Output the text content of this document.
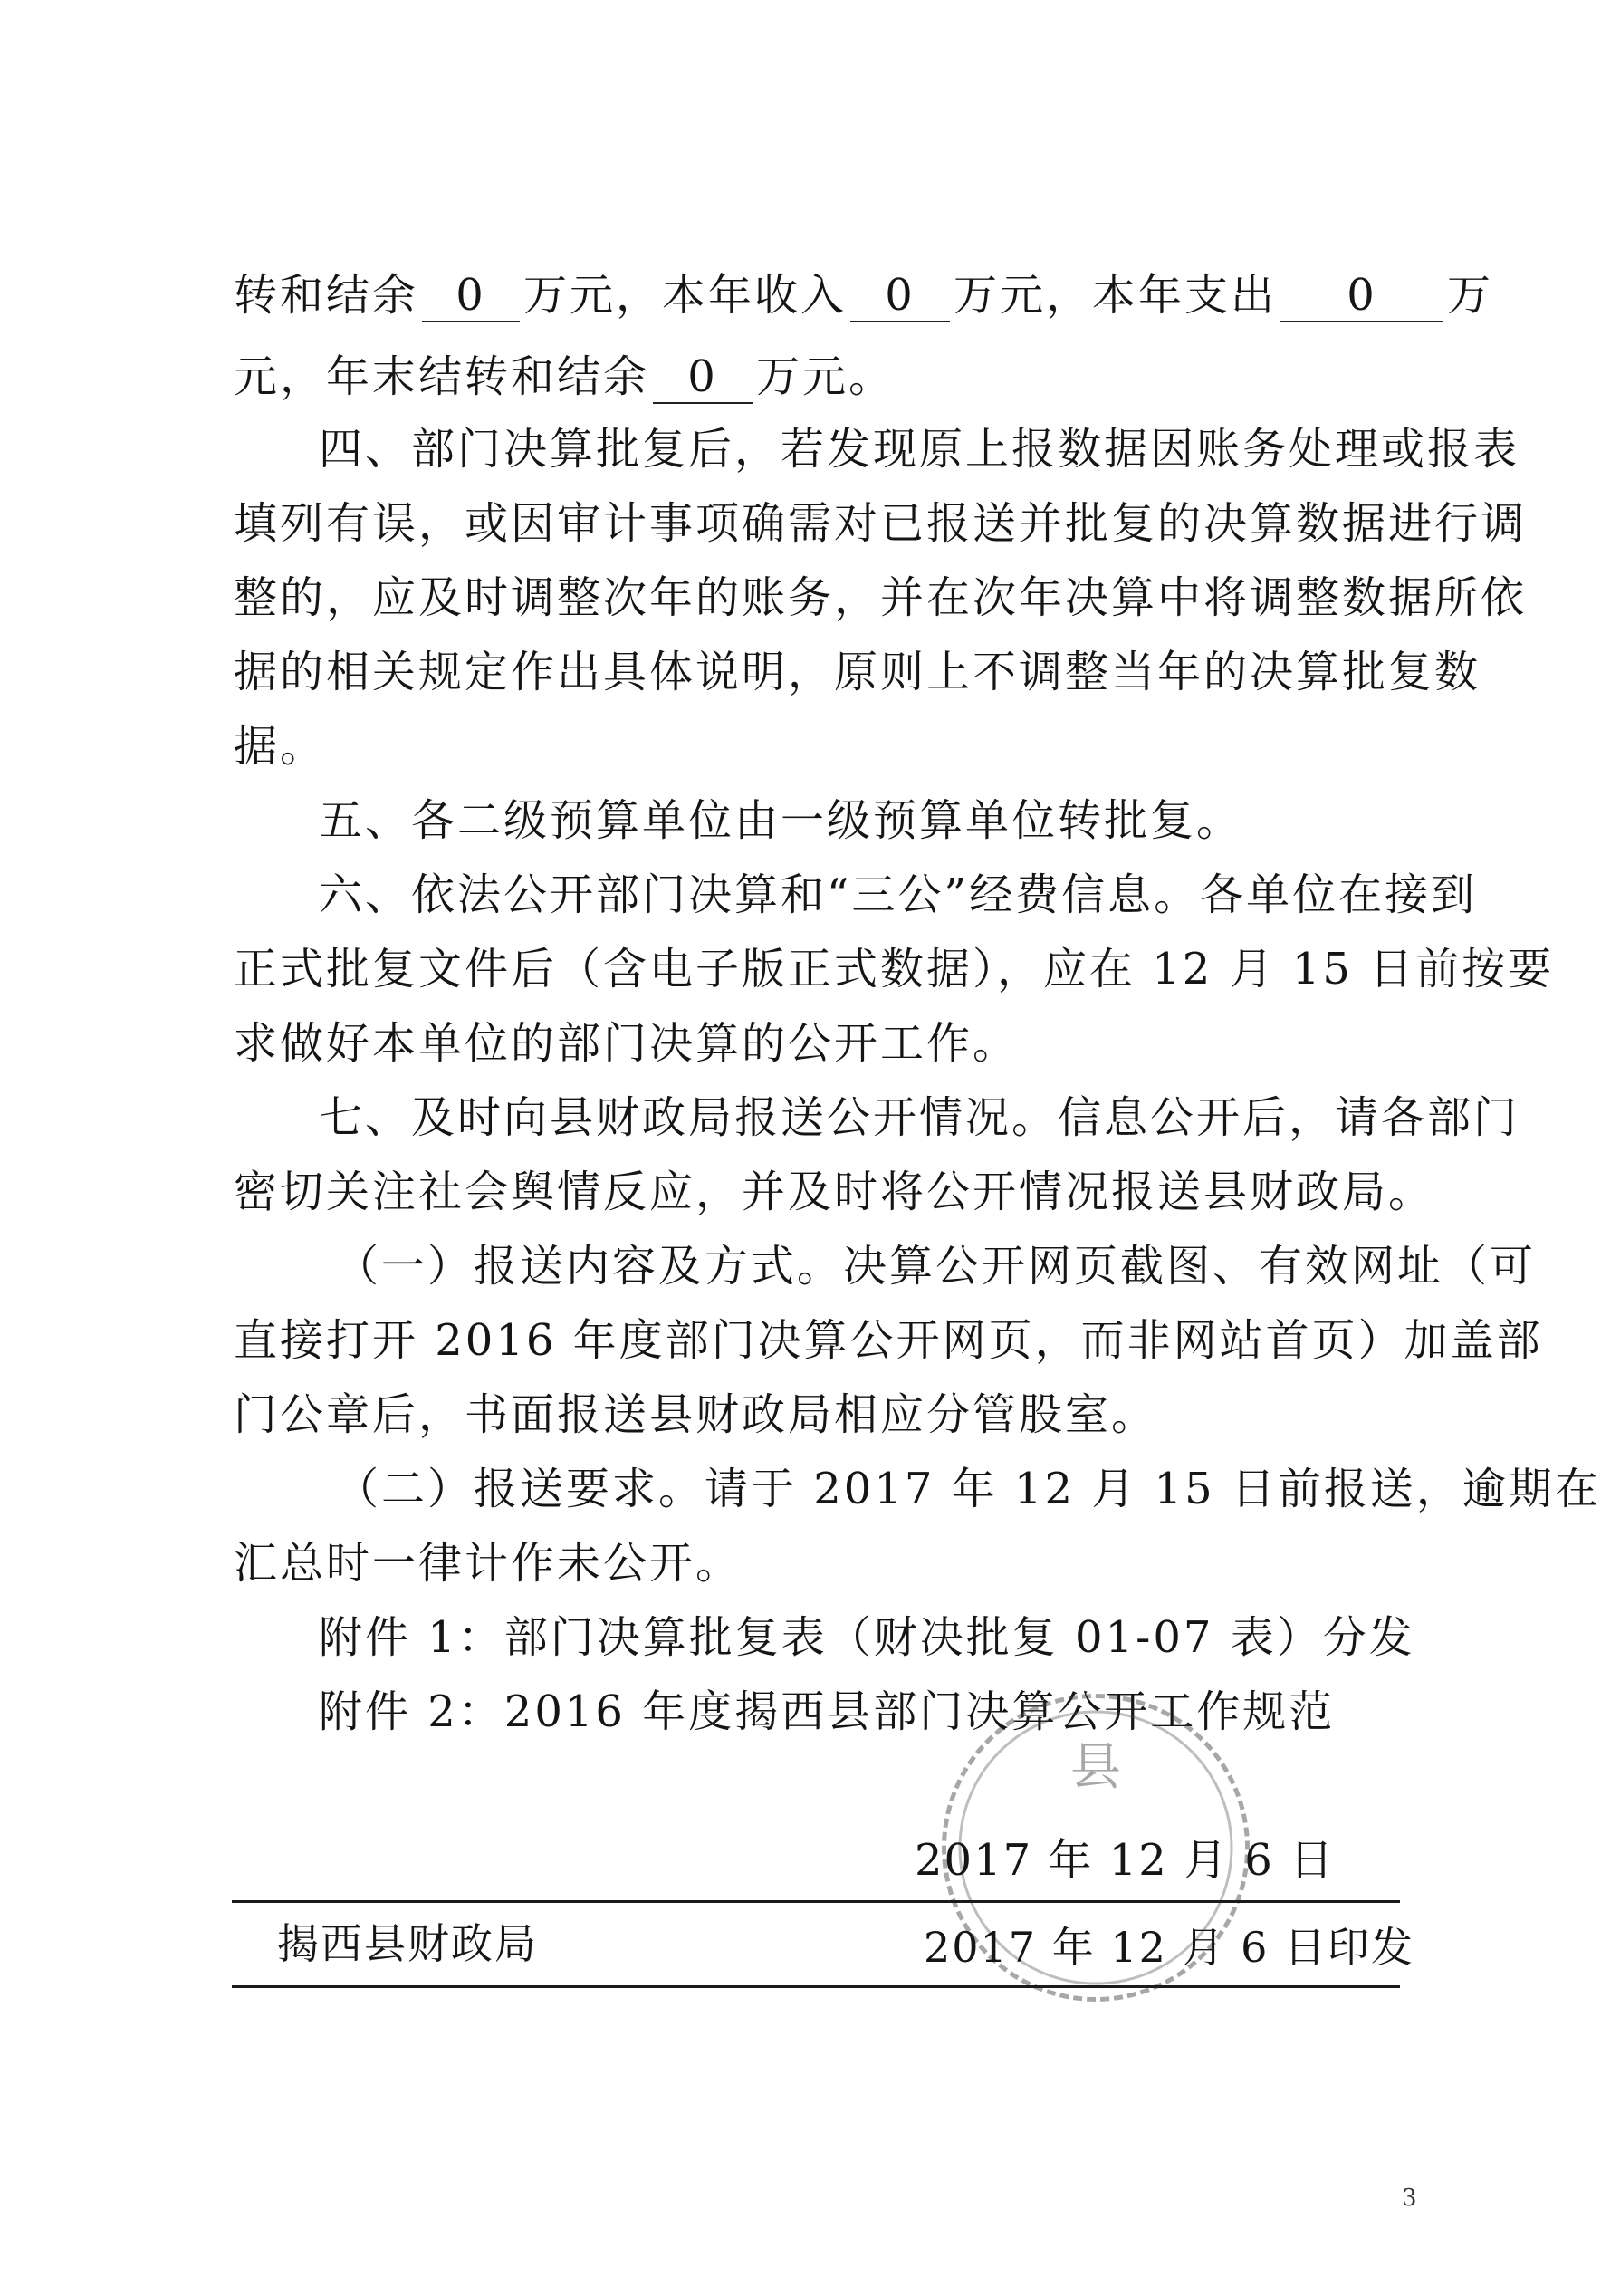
转和结余 0 万元，本年收入 0 万元，本年支出 0 万
元，年末结转和结余 0 万元。
四、部门决算批复后，若发现原上报数据因账务处理或报表
填列有误，或因审计事项确需对已报送并批复的决算数据进行调
整的，应及时调整次年的账务，并在次年决算中将调整数据所依
据的相关规定作出具体说明，原则上不调整当年的决算批复数
据。
五、各二级预算单位由一级预算单位转批复。
六、依法公开部门决算和“三公”经费信息。各单位在接到
正式批复文件后（含电子版正式数据），应在 12 月 15 日前按要
求做好本单位的部门决算的公开工作。
七、及时向县财政局报送公开情况。信息公开后，请各部门
密切关注社会舆情反应，并及时将公开情况报送县财政局。
（一）报送内容及方式。决算公开网页截图、有效网址（可
直接打开 2016 年度部门决算公开网页，而非网站首页）加盖部
门公章后，书面报送县财政局相应分管股室。
（二）报送要求。请于 2017 年 12 月 15 日前报送，逾期在
汇总时一律计作未公开。
附件 1：部门决算批复表（财决批复 01-07 表）分发
附件 2：2016 年度揭西县部门决算公开工作规范
县
2017 年 12 月 6 日
揭西县财政局	2017 年 12 月 6 日印发
3
